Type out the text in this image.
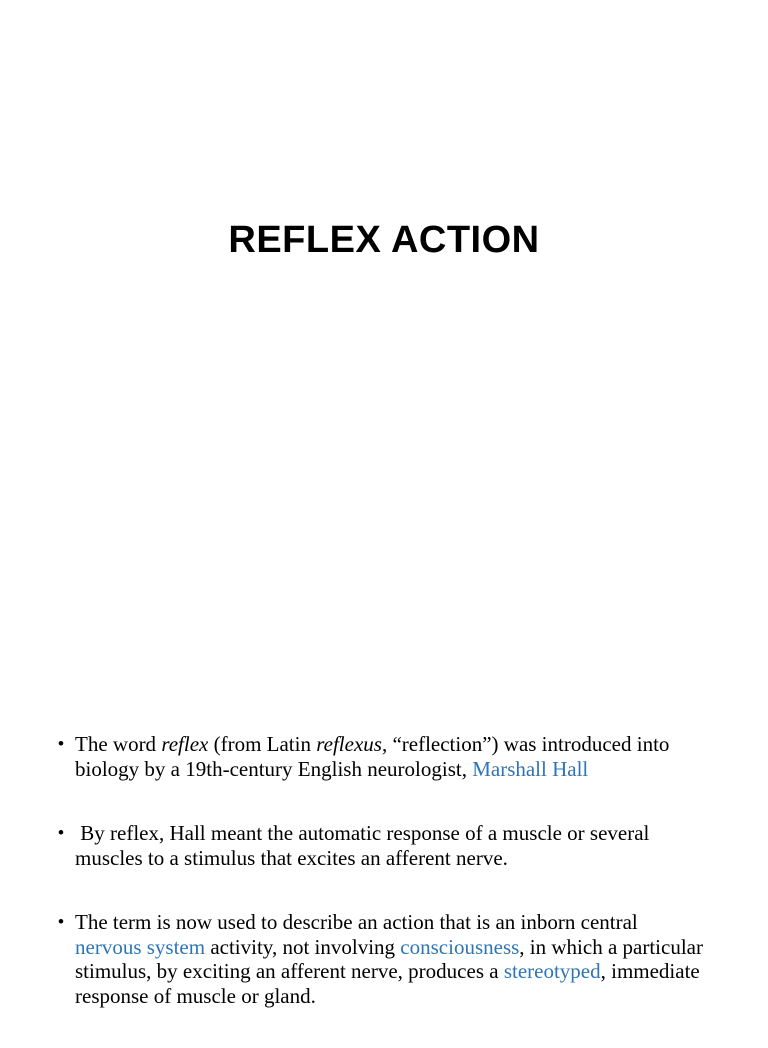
REFLEX ACTION
• The word reflex (from Latin reflexus, “reflection”) was introduced into biology by a 19th-century English neurologist, Marshall Hall
• By reflex, Hall meant the automatic response of a muscle or several muscles to a stimulus that excites an afferent nerve.
• The term is now used to describe an action that is an inborn central nervous system activity, not involving consciousness, in which a particular stimulus, by exciting an afferent nerve, produces a stereotyped, immediate response of muscle or gland.
